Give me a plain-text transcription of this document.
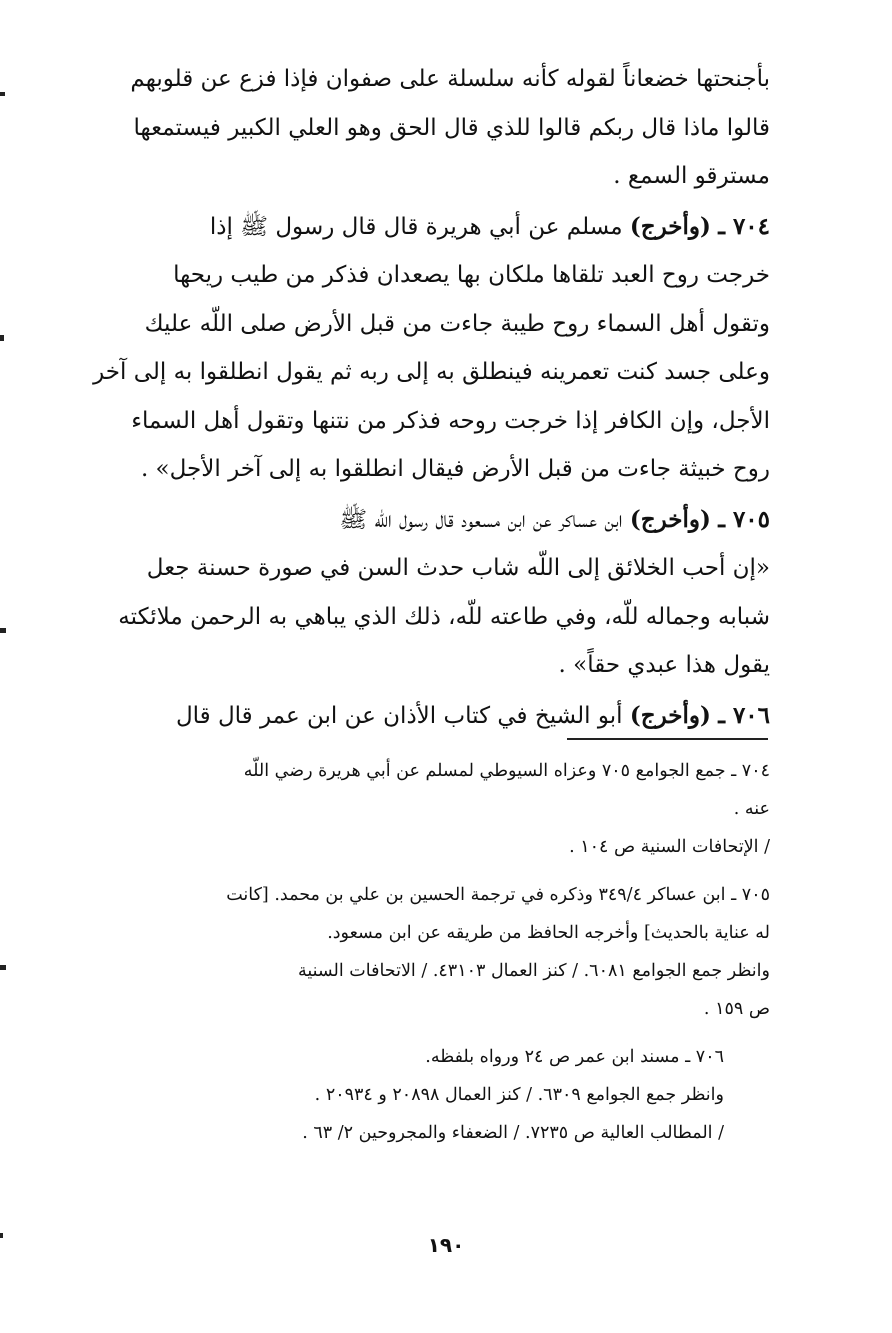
بأجنحتها خضعاناً لقوله كأنه سلسلة على صفوان فإذا فزع عن قلوبهم
قالوا ماذا قال ربكم قالوا للذي قال الحق وهو العلي الكبير فيستمعها
مسترقو السمع .

٧٠٤ ـ (وأخرج) مسلم عن أبي هريرة قال قال رسول ﷺ إذا
خرجت روح العبد تلقاها ملكان بها يصعدان فذكر من طيب ريحها
وتقول أهل السماء روح طيبة جاءت من قبل الأرض صلى اللّه عليك
وعلى جسد كنت تعمرينه فينطلق به إلى ربه ثم يقول انطلقوا به إلى آخر
الأجل، وإن الكافر إذا خرجت روحه فذكر من نتنها وتقول أهل السماء
روح خبيثة جاءت من قبل الأرض فيقال انطلقوا به إلى آخر الأجل» .

٧٠٥ ـ (وأخرج) ابن عساكر عن ابن مسعود قال رسول اللّه ﷺ
«إن أحب الخلائق إلى اللّه شاب حدث السن في صورة حسنة جعل
شبابه وجماله للّه، وفي طاعته للّه، ذلك الذي يباهي به الرحمن ملائكته
يقول هذا عبدي حقاً» .

٧٠٦ ـ (وأخرج) أبو الشيخ في كتاب الأذان عن ابن عمر قال قال

٧٠٤ ـ جمع الجوامع ٧٠٥ وعزاه السيوطي لمسلم عن أبي هريرة رضي اللّه
عنه .
/ الإتحافات السنية ص ١٠٤ .

٧٠٥ ـ ابن عساكر ٣٤٩/٤ وذكره في ترجمة الحسين بن علي بن محمد. [كانت
له عناية بالحديث] وأخرجه الحافظ من طريقه عن ابن مسعود.
وانظر جمع الجوامع ٦٠٨١. / كنز العمال ٤٣١٠٣. / الاتحافات السنية
ص ١٥٩ .

٧٠٦ ـ مسند ابن عمر ص ٢٤ ورواه بلفظه.
وانظر جمع الجوامع ٦٣٠٩. / كنز العمال ٢٠٨٩٨ و ٢٠٩٣٤ .
/ المطالب العالية ص ٧٢٣٥. / الضعفاء والمجروحين ٢/ ٦٣ .

١٩٠
